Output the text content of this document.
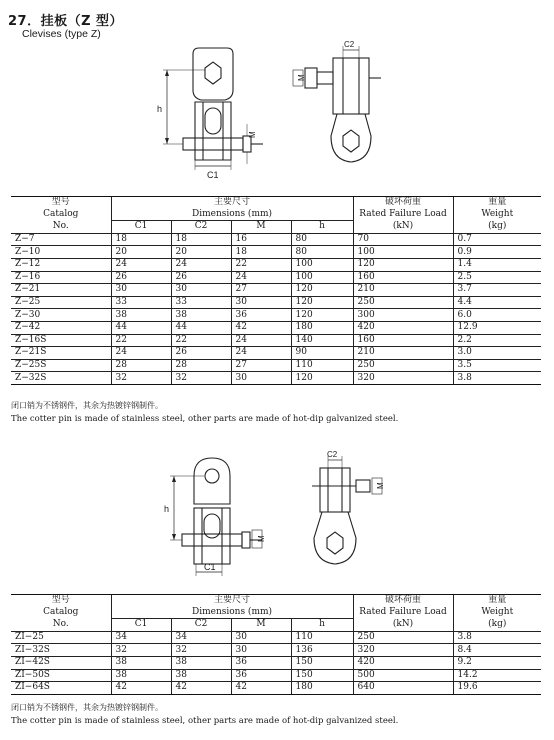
27．挂板（Z 型）
Clevises (type Z)
h
C1
M
C2
M
型号	主要尺寸				破坏荷重	重量
Catalog	Dimensions (mm)				Rated Failure Load	Weight
No.	C1	C2	M	h	(kN)	(kg)
Z−7	18	18	16	80	70	0.7
Z−10	20	20	18	80	100	0.9
Z−12	24	24	22	100	120	1.4
Z−16	26	26	24	100	160	2.5
Z−21	30	30	27	120	210	3.7
Z−25	33	33	30	120	250	4.4
Z−30	38	38	36	120	300	6.0
Z−42	44	44	42	180	420	12.9
Z−16S	22	22	24	140	160	2.2
Z−21S	24	26	24	90	210	3.0
Z−25S	28	28	27	110	250	3.5
Z−32S	32	32	30	120	320	3.8
闭口销为不锈钢件，其余为热镀锌钢制件。
The cotter pin is made of stainless steel, other parts are made of hot-dip galvanized steel.
h
C1
M
C2
M
型号	主要尺寸				破坏荷重	重量
Catalog	Dimensions (mm)				Rated Failure Load	Weight
No.	C1	C2	M	h	(kN)	(kg)
ZI−25	34	34	30	110	250	3.8
ZI−32S	32	32	30	136	320	8.4
ZI−42S	38	38	36	150	420	9.2
ZI−50S	38	38	36	150	500	14.2
ZI−64S	42	42	42	180	640	19.6
闭口销为不锈钢件，其余为热镀锌钢制件。
The cotter pin is made of stainless steel, other parts are made of hot-dip galvanized steel.
